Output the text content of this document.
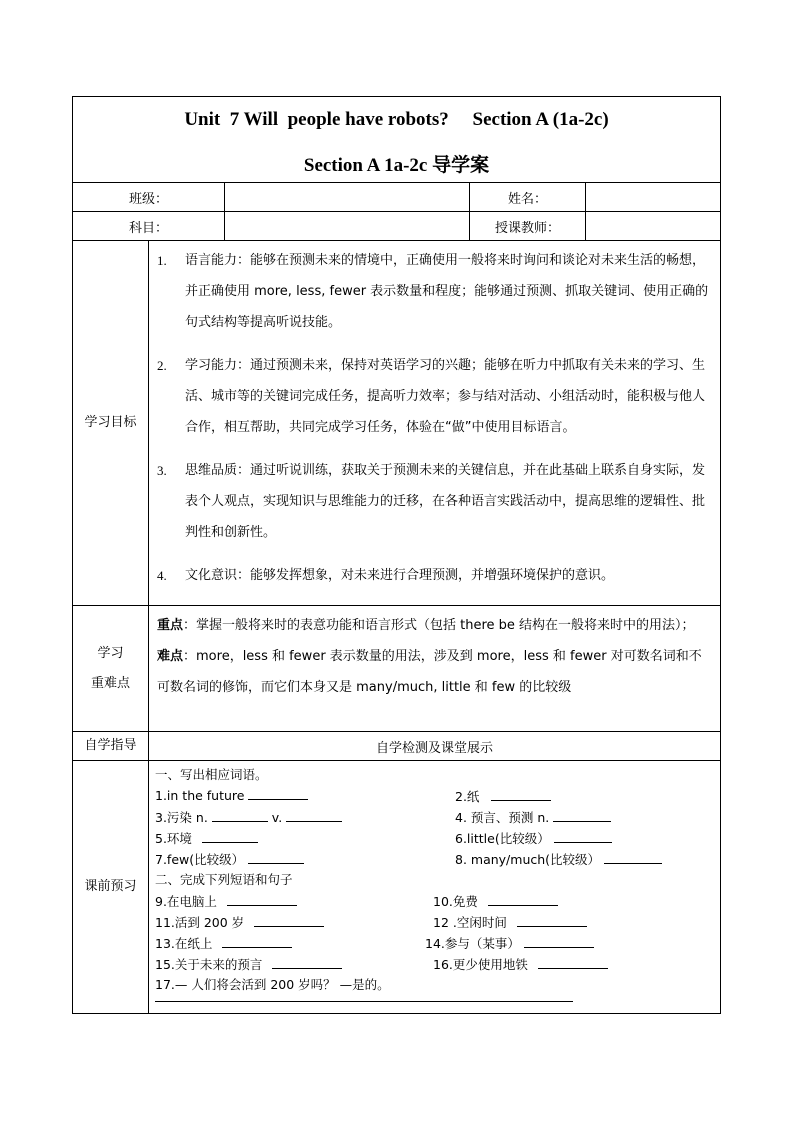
Unit  7 Will  people have robots?     Section A (1a-2c)
Section A 1a-2c 导学案
班级：	姓名：
科目：	授课教师：
学习目标
1.	语言能力：能够在预测未来的情境中，正确使用一般将来时询问和谈论对未来生活的畅想，并正确使用 more, less, fewer 表示数量和程度；能够通过预测、抓取关键词、使用正确的句式结构等提高听说技能。
2.	学习能力：通过预测未来，保持对英语学习的兴趣；能够在听力中抓取有关未来的学习、生活、城市等的关键词完成任务，提高听力效率；参与结对活动、小组活动时，能积极与他人合作，相互帮助，共同完成学习任务，体验在“做”中使用目标语言。
3.	思维品质：通过听说训练，获取关于预测未来的关键信息，并在此基础上联系自身实际，发表个人观点，实现知识与思维能力的迁移，在各种语言实践活动中，提高思维的逻辑性、批判性和创新性。
4.	文化意识：能够发挥想象，对未来进行合理预测，并增强环境保护的意识。
学习
重难点
重点：掌握一般将来时的表意功能和语言形式（包括 there be 结构在一般将来时中的用法）；
难点：more，less 和 fewer 表示数量的用法，涉及到 more，less 和 fewer 对可数名词和不可数名词的修饰，而它们本身又是 many/much, little 和 few 的比较级
自学指导	自学检测及课堂展示
课前预习
一、写出相应词语。
1.in the future	2.纸
3.污染 n.	v.	4. 预言、预测 n.
5.环境	6.little(比较级）
7.few(比较级）	8. many/much(比较级）
二、完成下列短语和句子
9.在电脑上	10.免费
11.活到 200 岁	12 .空闲时间
13.在纸上	14.参与（某事）
15.关于未来的预言	16.更少使用地铁
17.— 人们将会活到 200 岁吗？ —是的。
